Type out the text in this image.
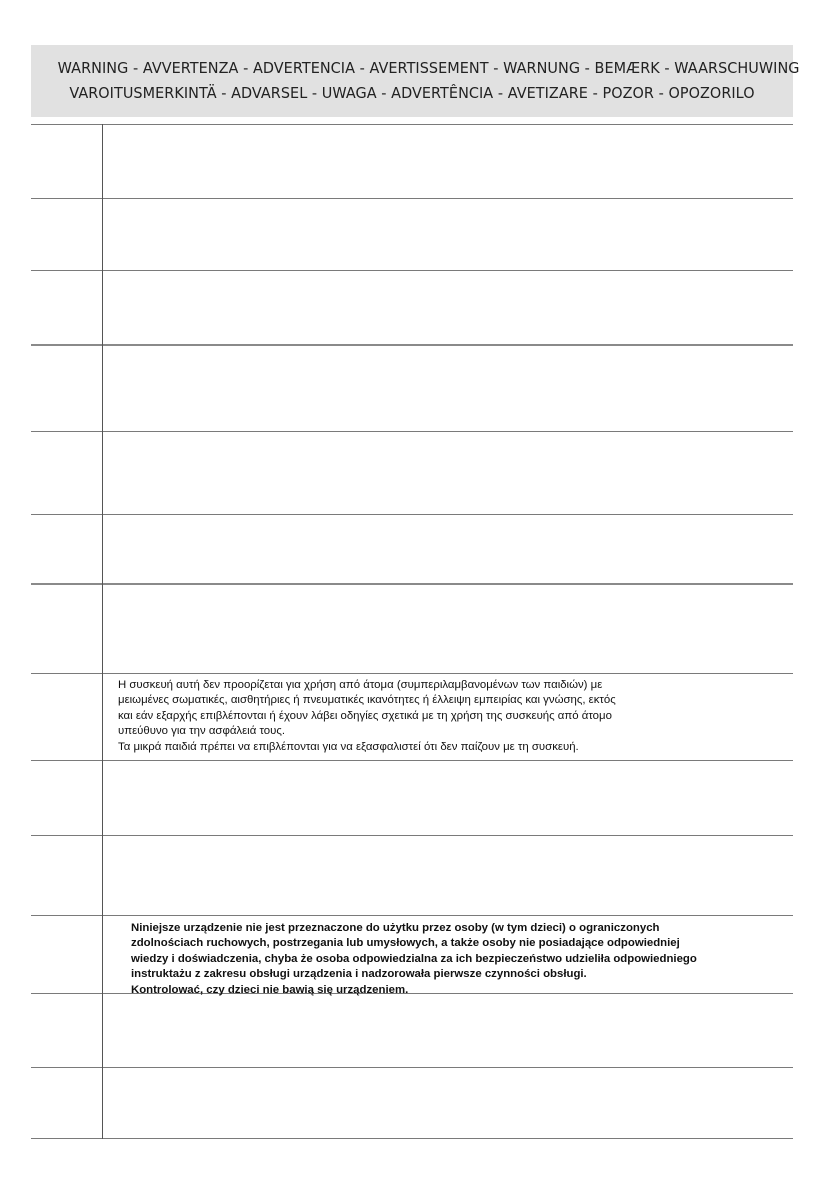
WARNING - AVVERTENZA - ADVERTENCIA - AVERTISSEMENT - WARNUNG - BEMÆRK - WAARSCHUWING
VAROITUSMERKINTÄ - ADVARSEL - UWAGA - ADVERTÊNCIA - AVETIZARE - POZOR - OPOZORILO
Η συσκευή αυτή δεν προορίζεται για χρήση από άτομα (συμπεριλαμβανομένων των παιδιών) με
μειωμένες σωματικές, αισθητήριες ή πνευματικές ικανότητες ή έλλειψη εμπειρίας και γνώσης, εκτός
και εάν εξαρχής επιβλέπονται ή έχουν λάβει οδηγίες σχετικά με τη χρήση της συσκευής από άτομο
υπεύθυνο για την ασφάλειά τους.
Τα μικρά παιδιά πρέπει να επιβλέπονται για να εξασφαλιστεί ότι δεν παίζουν με τη συσκευή.
Niniejsze urządzenie nie jest przeznaczone do użytku przez osoby (w tym dzieci) o ograniczonych
zdolnościach ruchowych, postrzegania lub umysłowych, a także osoby nie posiadające odpowiedniej
wiedzy i doświadczenia, chyba że osoba odpowiedzialna za ich bezpieczeństwo udzieliła odpowiedniego
instruktażu z zakresu obsługi urządzenia i nadzorowała pierwsze czynności obsługi.
Kontrolować, czy dzieci nie bawią się urządzeniem.
